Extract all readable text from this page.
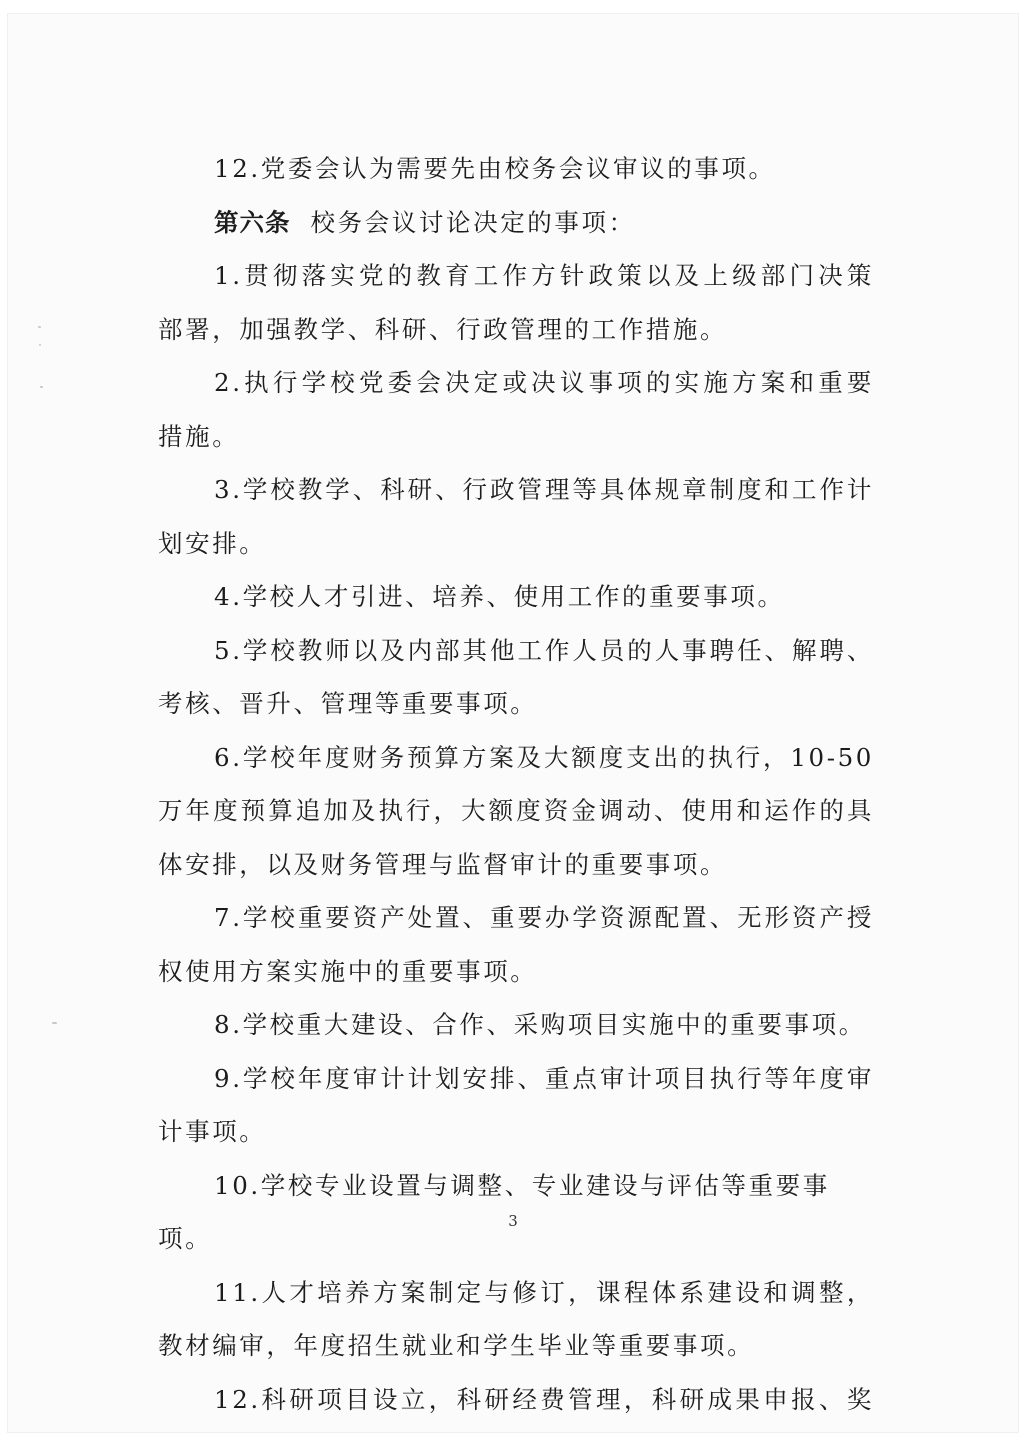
12.党委会认为需要先由校务会议审议的事项。

第六条 校务会议讨论决定的事项：

1.贯彻落实党的教育工作方针政策以及上级部门决策

部署，加强教学、科研、行政管理的工作措施。

2.执行学校党委会决定或决议事项的实施方案和重要

措施。

3.学校教学、科研、行政管理等具体规章制度和工作计

划安排。

4.学校人才引进、培养、使用工作的重要事项。

5.学校教师以及内部其他工作人员的人事聘任、解聘、

考核、晋升、管理等重要事项。

6.学校年度财务预算方案及大额度支出的执行，10-50

万年度预算追加及执行，大额度资金调动、使用和运作的具

体安排，以及财务管理与监督审计的重要事项。

7.学校重要资产处置、重要办学资源配置、无形资产授

权使用方案实施中的重要事项。

8.学校重大建设、合作、采购项目实施中的重要事项。

9.学校年度审计计划安排、重点审计项目执行等年度审

计事项。

10.学校专业设置与调整、专业建设与评估等重要事项。

11.人才培养方案制定与修订，课程体系建设和调整，

教材编审，年度招生就业和学生毕业等重要事项。

12.科研项目设立，科研经费管理，科研成果申报、奖

3
